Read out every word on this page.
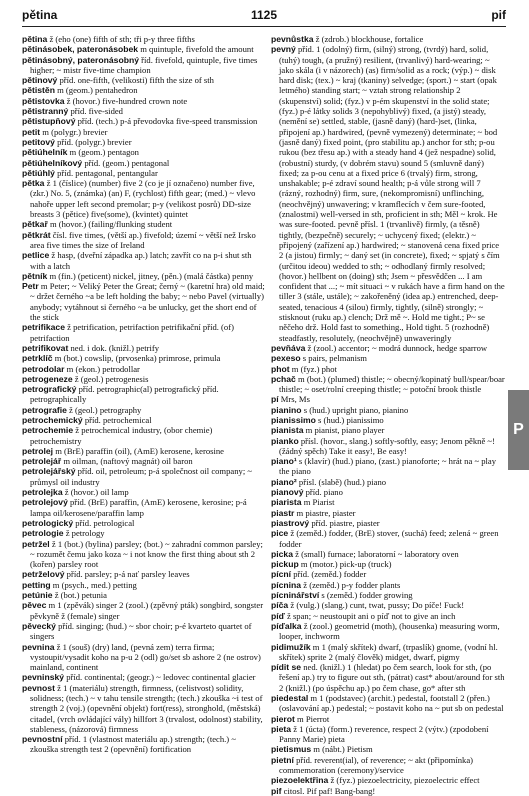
pětina	1125	pif

pětina ž (eho (one) fifth of sth; tři p-y three fifths

pětinásobek, pateronásobek m quintuple, fivefold the amount

pětinásobný, pateronásobný říd. fivefold, quintuple, five times higher; ~ mistr five-time champion

pětinový příd. one-fifth, (velikosti) fifth the size of sth

pětistěn m (geom.) pentahedron

pětistovka ž (hovor.) five-hundred crown note

pětistranný příd. five-sided

pětistupňový příd. (tech.) p-á převodovka five-speed transmission

petit m (polygr.) brevier

petitový příd. (polygr.) brevier

pětiúhelník m (geom.) pentagon

pětiúhelníkový příd. (geom.) pentagonal

pětiúhlý příd. pentagonal, pentangular

pětka ž 1 (číslice) (number) five 2 (co je jí označeno) number five, (zkr.) No. 5, (známka) (an) F, (rychlost) fifth gear; (med.) ~ vlevo nahoře upper left second premolar; p-y (velikost posrů) DD-size breasts 3 (pětice) five(some), (kvintet) quintet

pětkař m (hovor.) (failing/flunking student

pětkrát čísl. five times, (větší ap.) fivefold; území ~ větší než Irsko area five times the size of Ireland

petlice ž hasp, (dveřní západka ap.) latch; zavřít co na p-i shut sth with a latch

pětník m (fin.) (peticent) nickel, jitney, (pěn.) (malá částka) penny

Petr m Peter; ~ Veliký Peter the Great; černý ~ (karetní hra) old maid; ~ držet černého ~a be left holding the baby; ~ nebo Pavel (virtually) anybody; vytáhnout si černého ~a be unlucky, get the short end of the stick

petrifikace ž petrification, petrifaction petrifikační příd. (of) petrifaction

petrifikovat ned. i dok. (knižl.) petrify

petrklíč m (bot.) cowslip, (prvosenka) primrose, primula

petrodolar m (ekon.) petrodollar

petrogeneze ž (geol.) petrogenesis

petrografický příd. petrographic(al) petrografický příd. petrographically

petrografie ž (geol.) petrography

petrochemický příd. petrochemical

petrochemie ž petrochemical industry, (obor chemie) petrochemistry

petrolej m (BrE) paraffin (oil), (AmE) kerosene, kerosine

petrolejář m oilman, (naftový magnát) oil baron

petrolejářský příd. oil, petroleum; p-á společnost oil company; ~ průmysl oil industry

petrolejka ž (hovor.) oil lamp

petrolejový příd. (BrE) paraffin, (AmE) kerosene, kerosine; p-á lampa oil/kerosene/paraffin lamp

petrologický příd. petrological

petrologie ž petrology

petržel ž 1 (bot.) (bylina) parsley; (bot.) ~ zahradní common parsley; ~ rozumět čemu jako koza ~ i not know the first thing about sth 2 (kořen) parsley root

petrželový příd. parsley; p-á nať parsley leaves

petting m (psych., med.) petting

petúnie ž (bot.) petunia

pěvec m 1 (zpěvák) singer 2 (zool.) (zpěvný pták) songbird, songster pěvkyně ž (female) singer

pěvecký příd. singing; (hud.) ~ sbor choir; p-é kvarteto quartet of singers

pevnina ž 1 (souš) (dry) land, (pevná zem) terra firma; vystoupit/vysadit koho na p-u 2 (odl) go/set sb ashore 2 (ne ostrov) mainland, continent

pevninský příd. continental; (geogr.) ~ ledovec continental glacier

pevnost ž 1 (materiálu) strength, firmness, (celistvost) solidity, solidness; (tech.) ~ v tahu tensile strength; (tech.) zkouška ~i test of strength 2 (voj.) (opevnění objekt) fort(ress), stronghold, (městská) citadel, (vrch ovládající vály) hillfort 3 (trvalost, odolnost) stability, stableness, (názorová) firmness

pevnostní příd. 1 (vlastnost materiálu ap.) strength; (tech.) ~ zkouška strength test 2 (opevnění) fortification

pevnůstka ž (zdrob.) blockhouse, fortalice

pevný příd. 1 (odolný) firm, (silný) strong, (tvrdý) hard, solid, (tuhý) tough, (a pružný) resilient, (trvanlivý) hard-wearing; ~ jako skála (i v názorech) (as) firm/solid as a rock; (výp.) ~ disk hard disk; (tex.) ~ kraj (tkaniny) selvedge; (sport.) ~ start (opak letmého) standing start; ~ vztah strong relationship 2 (skupenství) solid; (fyz.) v p-ém skupenství in the solid state; (fyz.) p-é látky solids 3 (nepohyblivý) fixed, (a jistý) steady, (nemění se) settled, stable, (jasně daný) (hard-)set, (linka, připojení ap.) hardwired, (pevně vymezený) determinate; ~ bod (jasně daný) fixed point, (pro stabilitu ap.) anchor for sth; p-ou rukou (bez třesu ap.) with a steady hand 4 (jež nespadne) solid, (robustní) sturdy, (v dobrém stavu) sound 5 (smluvně daný) fixed; za p-ou cenu at a fixed price 6 (trvalý) firm, strong, unshakable; p-é zdraví sound health; p-á vůle strong will 7 (rázný, rozhodný) firm, sure, (nekompromisní) unflinching, (neochvějný) unwavering; v kramflecích v čem sure-footed, (znalostmi) well-versed in sth, proficient in sth; Měl ~ krok. He was sure-footed. pevně přísl. 1 (trvanlivě) firmly, (a těsně) tightly, (bezpečně) securely; ~ uchycený fixed; (elektr.) ~ připojený (zařízení ap.) hardwired; ~ stanovená cena fixed price 2 (a jistou) firmly; ~ daný set (in concrete), fixed; ~ spjatý s čím (určitou ideou) wedded to sth; ~ odhodlaný firmly resolved; (hovor.) hellbent on (doing) sth; Jsem ~ přesvědčen ... I am confident that ...; ~ mít situaci ~ v rukách have a firm hand on the tiller 3 (stále, ustále); ~ zakořeněný (idea ap.) entrenched, deep-seated, tenacious 4 (silou) firmly, tightly, (silně) strongly; ~ stisknout (ruku ap.) clench; Drž mě ~. Hold me tight.; P~ se něčeho drž. Hold fast to something., Hold tight. 5 (rozhodně) steadfastly, resolutely, (neochvějně) unwaveringly

pevňáva ž (zool.) accentor; ~ modrá dunnock, hedge sparrow

pexeso s pairs, pelmanism

phot m (fyz.) phot

pchač m (bot.) (plumed) thistle; ~ obecný/kopinatý bull/spear/boar thistle; ~ oset/rolní creeping thistle; ~ potoční brook thistle

pí Mrs, Ms

pianino s (hud.) upright piano, pianino

pianissimo s (hud.) pianissimo

pianista m pianist, piano player

pianko přísl. (hovor., slang.) softly-softly, easy; Jenom pěkně ~! (žádný spěch) Take it easy!, Be easy!

piano¹ s (klavír) (hud.) piano, (zast.) pianoforte; ~ hrát na ~ play the piano

piano² přísl. (slabě) (hud.) piano

pianový příd. piano

piarista m Piarist

piastr m piastre, piaster

piastrový příd. piastre, piaster

pice ž (zeměd.) fodder, (BrE) stover, (suchá) feed; zelená ~ green fodder

picka ž (small) furnace; laboratorní ~ laboratory oven

pickup m (motor.) pick-up (truck)

pícní příd. (zeměd.) fodder

pícnina ž (zeměd.) p-y fodder plants

pícninářství s (zeměd.) fodder growing

píča ž (vulg.) (slang.) cunt, twat, pussy; Do píče! Fuck!

píď ž span; ~ neustoupit ani o píď not to give an inch

píďalka ž (zool.) geometrid (moth), (housenka) measuring worm, looper, inchworm

pidimužík m 1 (malý skřítek) dwarf, (trpaslík) gnome, (vodní hl. skřítek) sprite 2 (malý člověk) midget, dwarf, pigmy

pídit se ned. (knižl.) 1 (hledat) po čem search, look for sth, (po řešení ap.) try to figure out sth, (pátrat) cast* about/around for sth 2 (knižl.) (po úspěchu ap.) po čem chase, go* after sth

piedestal m 1 (podstavec) (archit.) pedestal, footstall 2 (přen.) (oslavování ap.) pedestal; ~ postavit koho na ~ put sb on pedestal

pierot m Pierrot

pieta ž 1 (úcta) (form.) reverence, respect 2 (výtv.) (zpodobení Panny Marie) pieta

pietismus m (nábt.) Pietism

pietní příd. reverent(ial), of reverence; ~ akt (připomínka) commemoration (ceremony)/service

piezoelektřina ž (fyz.) piezoelectricity, piezoelectric effect

pif citosl. Pif paf! Bang-bang!

P
